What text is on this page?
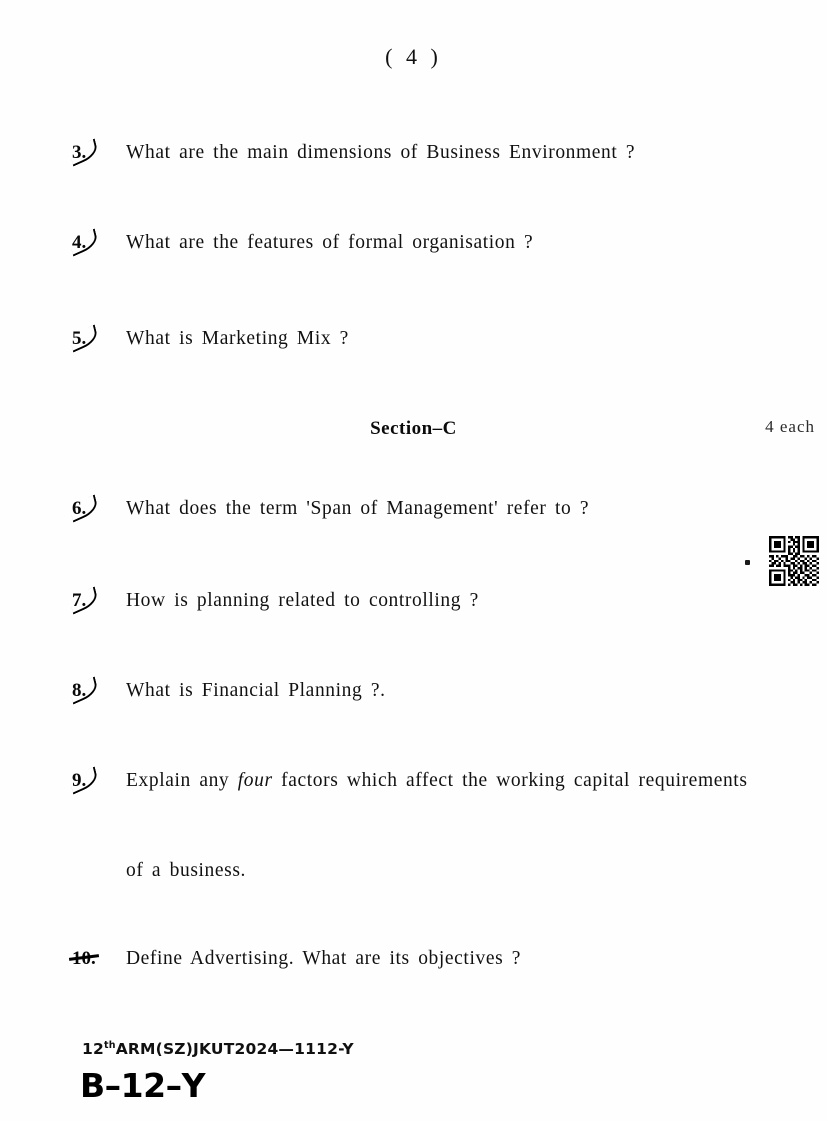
( 4 )
3.	What are the main dimensions of Business Environment ?
4.	What are the features of formal organisation ?
5.	What is Marketing Mix ?
Section–C	4 each
6.	What does the term 'Span of Management' refer to ?
7.	How is planning related to controlling ?
8.	What is Financial Planning ?.
9.	Explain any four factors which affect the working capital requirements
of a business.
10.	Define Advertising. What are its objectives ?
12thARM(SZ)JKUT2024—1112-Y
B–12–Y
